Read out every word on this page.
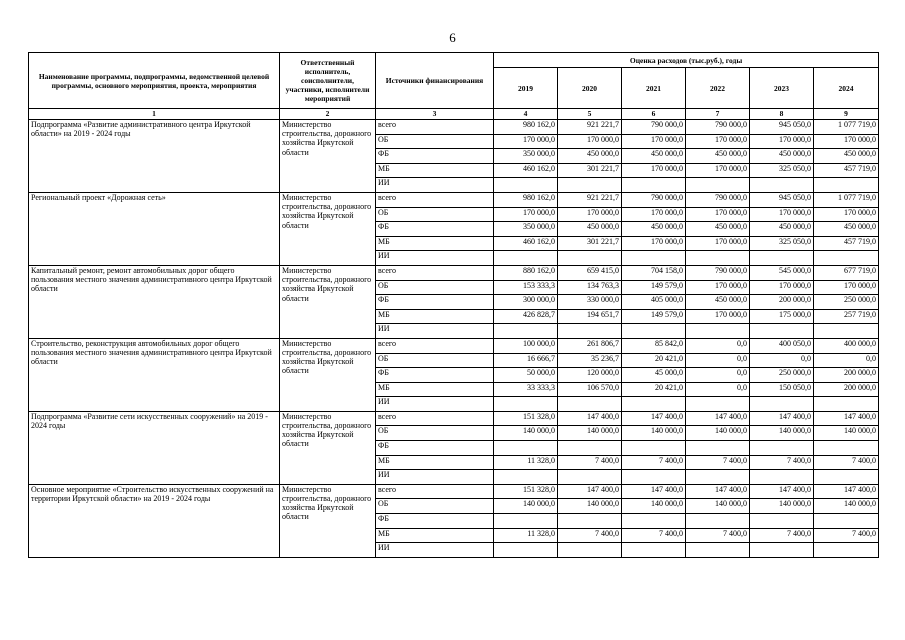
6
Наименование программы, подпрограммы, ведомственной целевой программы, основного мероприятия, проекта, мероприятия	Ответственный исполнитель, соисполнители, участники, исполнители мероприятий	Источники финансирования	Оценка расходов (тыс.руб.), годы					
			2019	2020	2021	2022	2023	2024
1	2	3	4	5	6	7	8	9
Подпрограмма «Развитие административного центра Иркутской области» на 2019 - 2024 годы	Министерство строительства, дорожного хозяйства Иркутской области	всего	980 162,0	921 221,7	790 000,0	790 000,0	945 050,0	1 077 719,0
		ОБ	170 000,0	170 000,0	170 000,0	170 000,0	170 000,0	170 000,0
		ФБ	350 000,0	450 000,0	450 000,0	450 000,0	450 000,0	450 000,0
		МБ	460 162,0	301 221,7	170 000,0	170 000,0	325 050,0	457 719,0
		ИИ						
Региональный проект «Дорожная сеть»	Министерство строительства, дорожного хозяйства Иркутской области	всего	980 162,0	921 221,7	790 000,0	790 000,0	945 050,0	1 077 719,0
		ОБ	170 000,0	170 000,0	170 000,0	170 000,0	170 000,0	170 000,0
		ФБ	350 000,0	450 000,0	450 000,0	450 000,0	450 000,0	450 000,0
		МБ	460 162,0	301 221,7	170 000,0	170 000,0	325 050,0	457 719,0
		ИИ						
Капитальный ремонт, ремонт автомобильных дорог общего пользования местного значения административного центра Иркутской области	Министерство строительства, дорожного хозяйства Иркутской области	всего	880 162,0	659 415,0	704 158,0	790 000,0	545 000,0	677 719,0
		ОБ	153 333,3	134 763,3	149 579,0	170 000,0	170 000,0	170 000,0
		ФБ	300 000,0	330 000,0	405 000,0	450 000,0	200 000,0	250 000,0
		МБ	426 828,7	194 651,7	149 579,0	170 000,0	175 000,0	257 719,0
		ИИ						
Строительство, реконструкция автомобильных дорог общего пользования местного значения административного центра Иркутской области	Министерство строительства, дорожного хозяйства Иркутской области	всего	100 000,0	261 806,7	85 842,0	0,0	400 050,0	400 000,0
		ОБ	16 666,7	35 236,7	20 421,0	0,0	0,0	0,0
		ФБ	50 000,0	120 000,0	45 000,0	0,0	250 000,0	200 000,0
		МБ	33 333,3	106 570,0	20 421,0	0,0	150 050,0	200 000,0
		ИИ						
Подпрограмма «Развитие сети искусственных сооружений» на 2019 - 2024 годы	Министерство строительства, дорожного хозяйства Иркутской области	всего	151 328,0	147 400,0	147 400,0	147 400,0	147 400,0	147 400,0
		ОБ	140 000,0	140 000,0	140 000,0	140 000,0	140 000,0	140 000,0
		ФБ						
		МБ	11 328,0	7 400,0	7 400,0	7 400,0	7 400,0	7 400,0
		ИИ						
Основное мероприятие «Строительство искусственных сооружений на территории Иркутской области» на 2019 - 2024 годы	Министерство строительства, дорожного хозяйства Иркутской области	всего	151 328,0	147 400,0	147 400,0	147 400,0	147 400,0	147 400,0
		ОБ	140 000,0	140 000,0	140 000,0	140 000,0	140 000,0	140 000,0
		ФБ						
		МБ	11 328,0	7 400,0	7 400,0	7 400,0	7 400,0	7 400,0
		ИИ						
